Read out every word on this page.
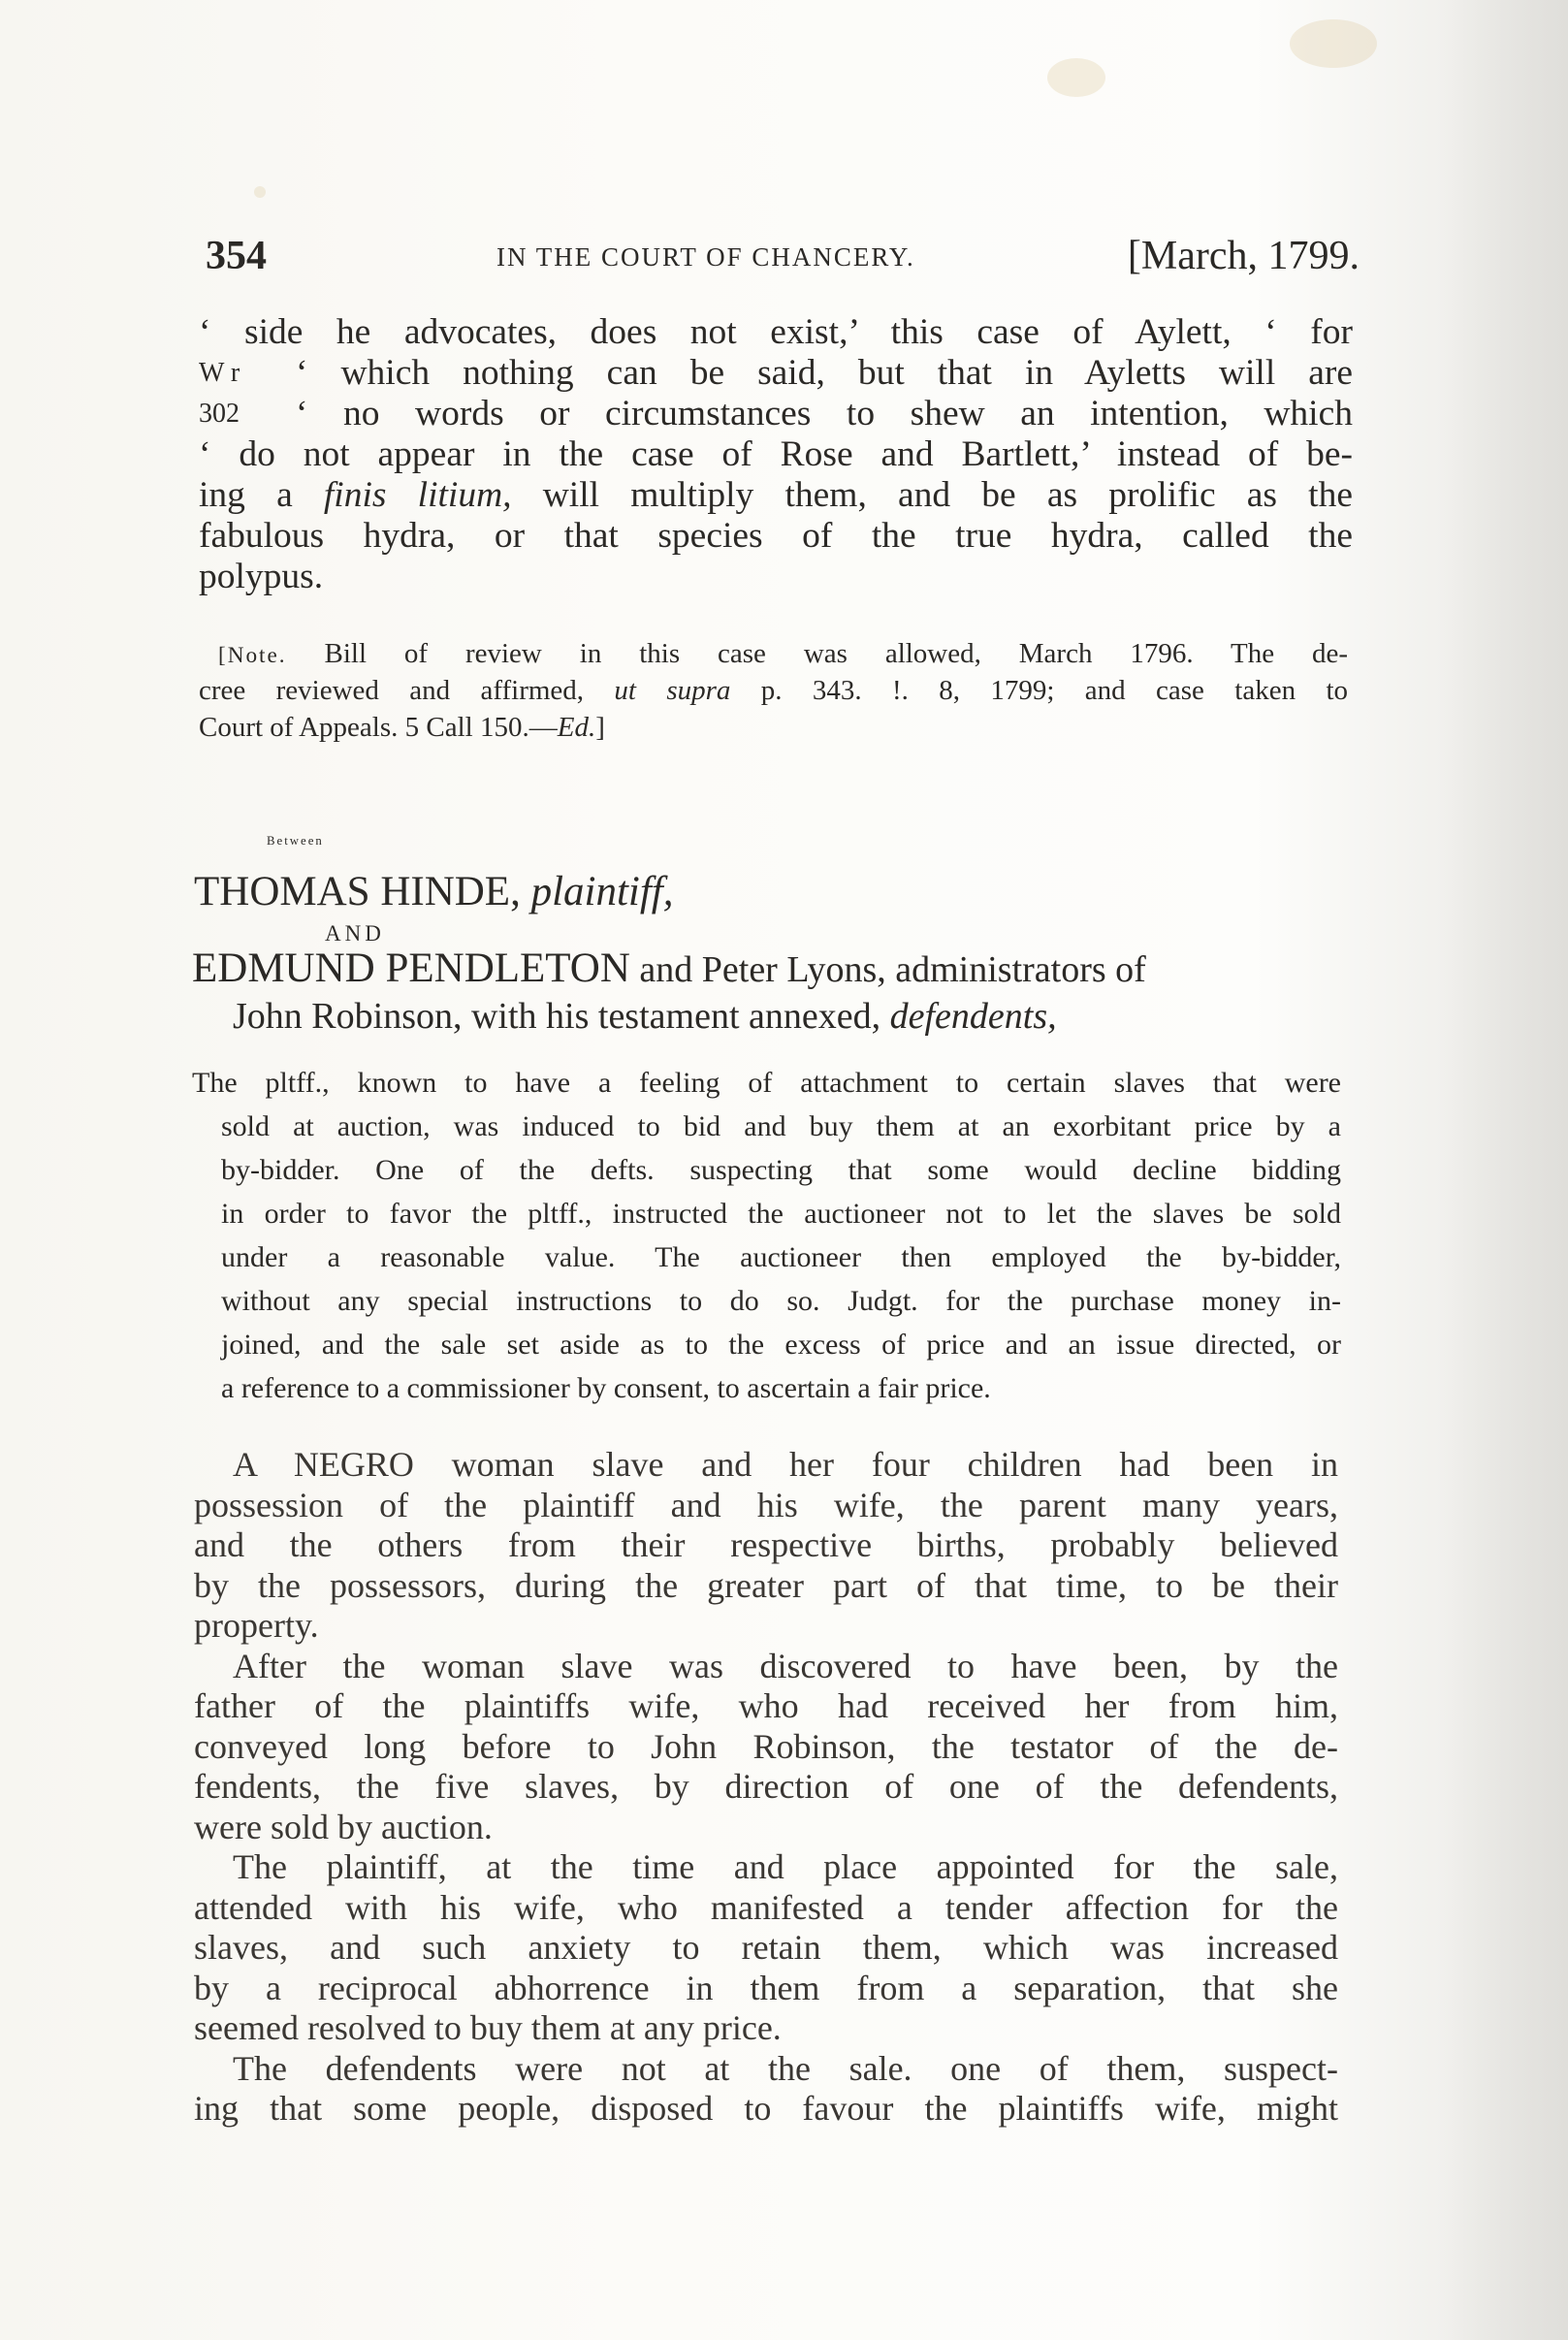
354	IN THE COURT OF CHANCERY.	[March, 1799.
W r
302
‘ side he advocates, does not exist,’ this case of Aylett, ‘ for
‘ which nothing can be said, but that in Ayletts will are
‘ no words or circumstances to shew an intention, which
‘ do not appear in the case of Rose and Bartlett,’ instead of be-
ing a finis litium, will multiply them, and be as prolific as the
fabulous hydra, or that species of the true hydra, called the
polypus.
[Note. Bill of review in this case was allowed, March 1796. The de-
cree reviewed and affirmed, ut supra p. 343. !. 8, 1799; and case taken to
Court of Appeals. 5 Call 150.—Ed.]
Between
THOMAS HINDE, plaintiff,
AND
EDMUND PENDLETON and Peter Lyons, administrators of
John Robinson, with his testament annexed, defendents,
The pltff., known to have a feeling of attachment to certain slaves that were
sold at auction, was induced to bid and buy them at an exorbitant price by a
by-bidder. One of the defts. suspecting that some would decline bidding
in order to favor the pltff., instructed the auctioneer not to let the slaves be sold
under a reasonable value. The auctioneer then employed the by-bidder,
without any special instructions to do so. Judgt. for the purchase money in-
joined, and the sale set aside as to the excess of price and an issue directed, or
a reference to a commissioner by consent, to ascertain a fair price.
A NEGRO woman slave and her four children had been in
possession of the plaintiff and his wife, the parent many years,
and the others from their respective births, probably believed
by the possessors, during the greater part of that time, to be their
property.
After the woman slave was discovered to have been, by the
father of the plaintiffs wife, who had received her from him,
conveyed long before to John Robinson, the testator of the de-
fendents, the five slaves, by direction of one of the defendents,
were sold by auction.
The plaintiff, at the time and place appointed for the sale,
attended with his wife, who manifested a tender affection for the
slaves, and such anxiety to retain them, which was increased
by a reciprocal abhorrence in them from a separation, that she
seemed resolved to buy them at any price.
The defendents were not at the sale. one of them, suspect-
ing that some people, disposed to favour the plaintiffs wife, might
